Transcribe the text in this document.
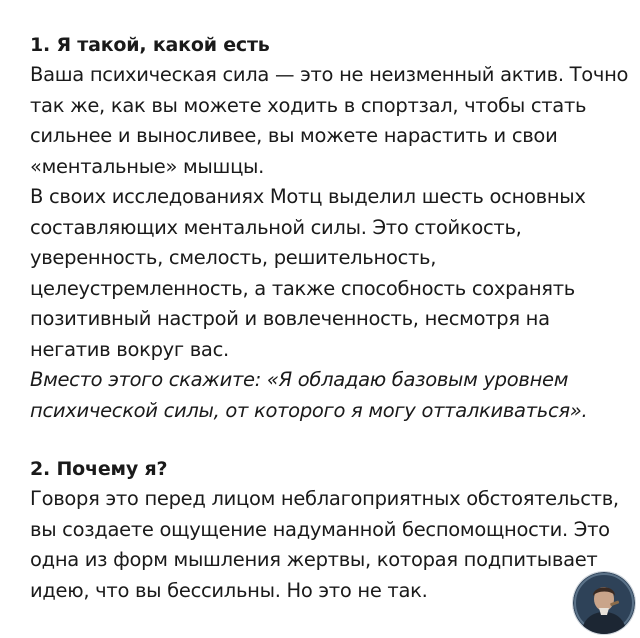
1. Я такой, какой есть

Ваша психическая сила — это не неизменный актив. Точно так же, как вы можете ходить в спортзал, чтобы стать сильнее и выносливее, вы можете нарастить и свои «ментальные» мышцы.

В своих исследованиях Мотц выделил шесть основных составляющих ментальной силы. Это стойкость, уверенность, смелость, решительность, целеустремленность, а также способность сохранять позитивный настрой и вовлеченность, несмотря на негатив вокруг вас.

Вместо этого скажите: «Я обладаю базовым уровнем психической силы, от которого я могу отталкиваться».

2. Почему я?

Говоря это перед лицом неблагоприятных обстоятельств, вы создаете ощущение надуманной беспомощности. Это одна из форм мышления жертвы, которая подпитывает идею, что вы бессильны. Но это не так.
